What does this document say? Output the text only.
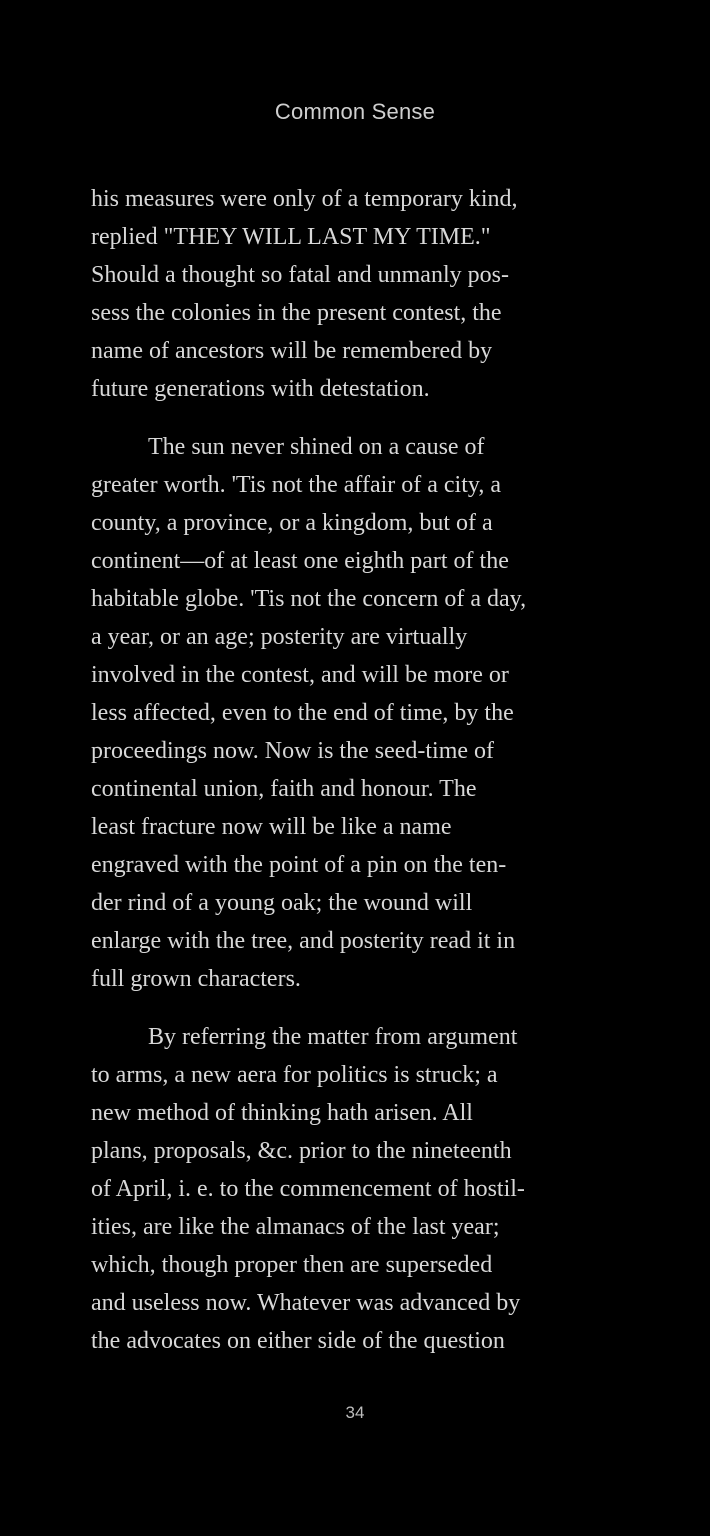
Common Sense
his measures were only of a temporary kind,
replied "THEY WILL LAST MY TIME."
Should a thought so fatal and unmanly pos-
sess the colonies in the present contest, the
name of ancestors will be remembered by
future generations with detestation.
The sun never shined on a cause of
greater worth. 'Tis not the affair of a city, a
county, a province, or a kingdom, but of a
continent—of at least one eighth part of the
habitable globe. 'Tis not the concern of a day,
a year, or an age; posterity are virtually
involved in the contest, and will be more or
less affected, even to the end of time, by the
proceedings now. Now is the seed-time of
continental union, faith and honour. The
least fracture now will be like a name
engraved with the point of a pin on the ten-
der rind of a young oak; the wound will
enlarge with the tree, and posterity read it in
full grown characters.
By referring the matter from argument
to arms, a new aera for politics is struck; a
new method of thinking hath arisen. All
plans, proposals, &c. prior to the nineteenth
of April, i. e. to the commencement of hostil-
ities, are like the almanacs of the last year;
which, though proper then are superseded
and useless now. Whatever was advanced by
the advocates on either side of the question
34
